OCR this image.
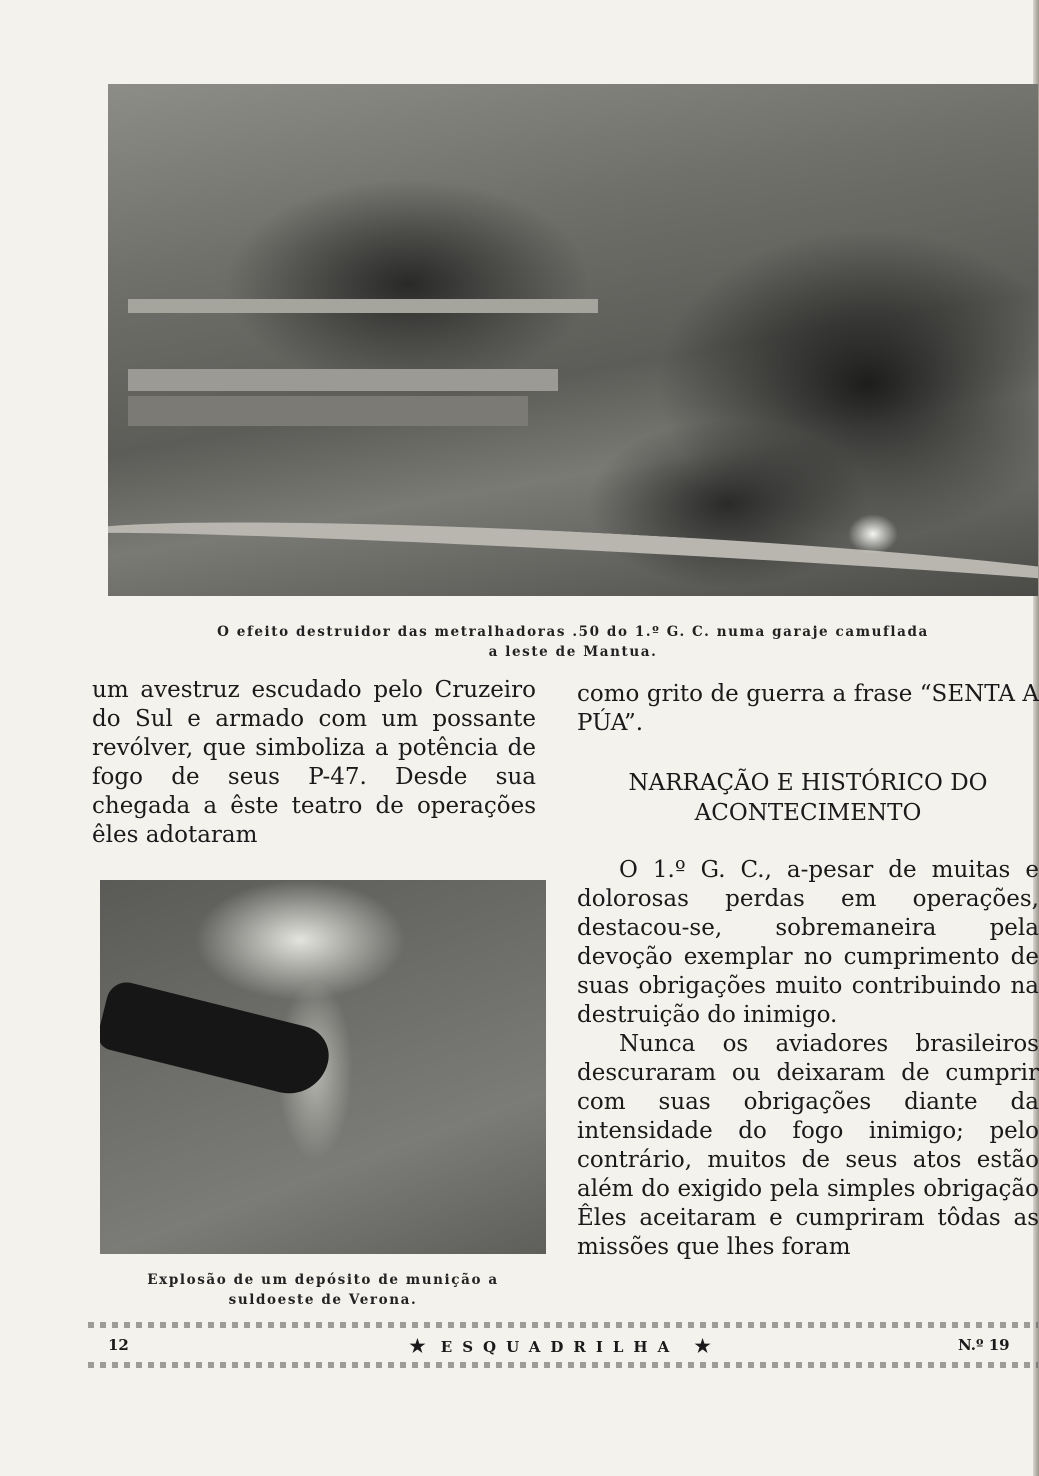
O efeito destruidor das metralhadoras .50 do 1.º G. C. numa garaje camuflada
a leste de Mantua.
um avestruz escudado pelo Cruzeiro do Sul e armado com um possante revólver, que simboliza a potência de fogo de seus P-47. Desde sua chegada a êste teatro de operações êles adotaram
Explosão de um depósito de munição a
suldoeste de Verona.

como grito de guerra a frase “SENTA A PÚA”.

NARRAÇÃO E HISTÓRICO DO
ACONTECIMENTO

O 1.º G. C., a-pesar de muitas e dolorosas perdas em operações, destacou-se, sobremaneira pela devoção exemplar no cumprimento de suas obrigações muito contribuindo na destruição do inimigo.

Nunca os aviadores brasileiros descuraram ou deixaram de cumprir com suas obrigações diante da intensidade do fogo inimigo; pelo contrário, muitos de seus atos estão além do exigido pela simples obrigação Êles aceitaram e cumpriram tôdas as missões que lhes foram

12	★ ESQUADRILHA ★	N.º 19
